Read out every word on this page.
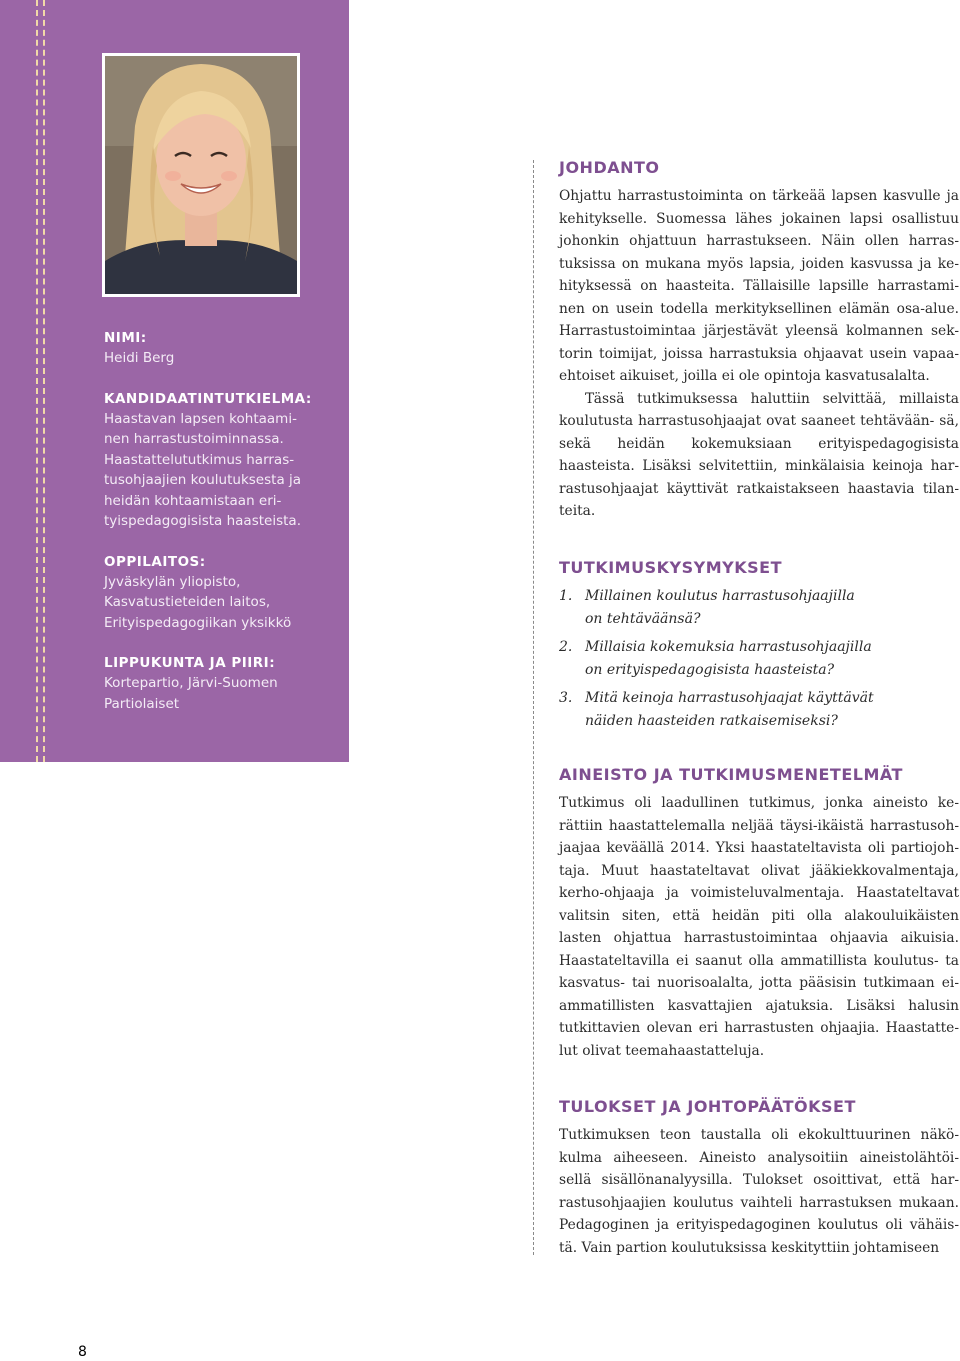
NIMI:

Heidi Berg

KANDIDAATINTUTKIELMA:

Haastavan lapsen kohtaami- nen harrastustoiminnassa. Haastattelututkimus harras- tusohjaajien koulutuksesta ja heidän kohtaamistaan eri- tyispedagogisista haasteista.

OPPILAITOS:

Jyväskylän yliopisto, Kasvatustieteiden laitos, Erityispedagogiikan yksikkö

LIPPUKUNTA JA PIIRI:

Kortepartio, Järvi-Suomen Partiolaiset

JOHDANTO

Ohjattu harrastustoiminta on tärkeää lapsen kasvulle ja kehitykselle. Suomessa lähes jokainen lapsi osallistuu johonkin ohjattuun harrastukseen. Näin ollen harras- tuksissa on mukana myös lapsia, joiden kasvussa ja ke- hityksessä on haasteita. Tällaisille lapsille harrastami- nen on usein todella merkityksellinen elämän osa-alue. Harrastustoimintaa järjestävät yleensä kolmannen sek- torin toimijat, joissa harrastuksia ohjaavat usein vapaa- ehtoiset aikuiset, joilla ei ole opintoja kasvatusalalta.

Tässä tutkimuksessa haluttiin selvittää, millaista koulutusta harrastusohjaajat ovat saaneet tehtävään- sä, sekä heidän kokemuksiaan erityispedagogisista haasteista. Lisäksi selvitettiin, minkälaisia keinoja har- rastusohjaajat käyttivät ratkaistakseen haastavia tilan- teita.

TUTKIMUSKYSYMYKSET
1. Millainen koulutus harrastusohjaajilla
on tehtäväänsä?
2. Millaisia kokemuksia harrastusohjaajilla
on erityispedagogisista haasteista?
3. Mitä keinoja harrastusohjaajat käyttävät
näiden haasteiden ratkaisemiseksi?
AINEISTO JA TUTKIMUSMENETELMÄT

Tutkimus oli laadullinen tutkimus, jonka aineisto ke- rättiin haastattelemalla neljää täysi-ikäistä harrastusoh- jaajaa keväällä 2014. Yksi haastateltavista oli partiojoh- taja. Muut haastateltavat olivat jääkiekkovalmentaja, kerho-ohjaaja ja voimisteluvalmentaja. Haastateltavat valitsin siten, että heidän piti olla alakouluikäisten lasten ohjattua harrastustoimintaa ohjaavia aikuisia. Haastateltavilla ei saanut olla ammatillista koulutus- ta kasvatus- tai nuorisoalalta, jotta pääsisin tutkimaan ei-ammatillisten kasvattajien ajatuksia. Lisäksi halusin tutkittavien olevan eri harrastusten ohjaajia. Haastatte- lut olivat teemahaastatteluja.

TULOKSET JA JOHTOPÄÄTÖKSET

Tutkimuksen teon taustalla oli ekokulttuurinen näkö- kulma aiheeseen. Aineisto analysoitiin aineistolähtöi- sellä sisällönanalyysilla. Tulokset osoittivat, että har- rastusohjaajien koulutus vaihteli harrastuksen mukaan. Pedagoginen ja erityispedagoginen koulutus oli vähäis- tä. Vain partion koulutuksissa keskityttiin johtamiseen

8
